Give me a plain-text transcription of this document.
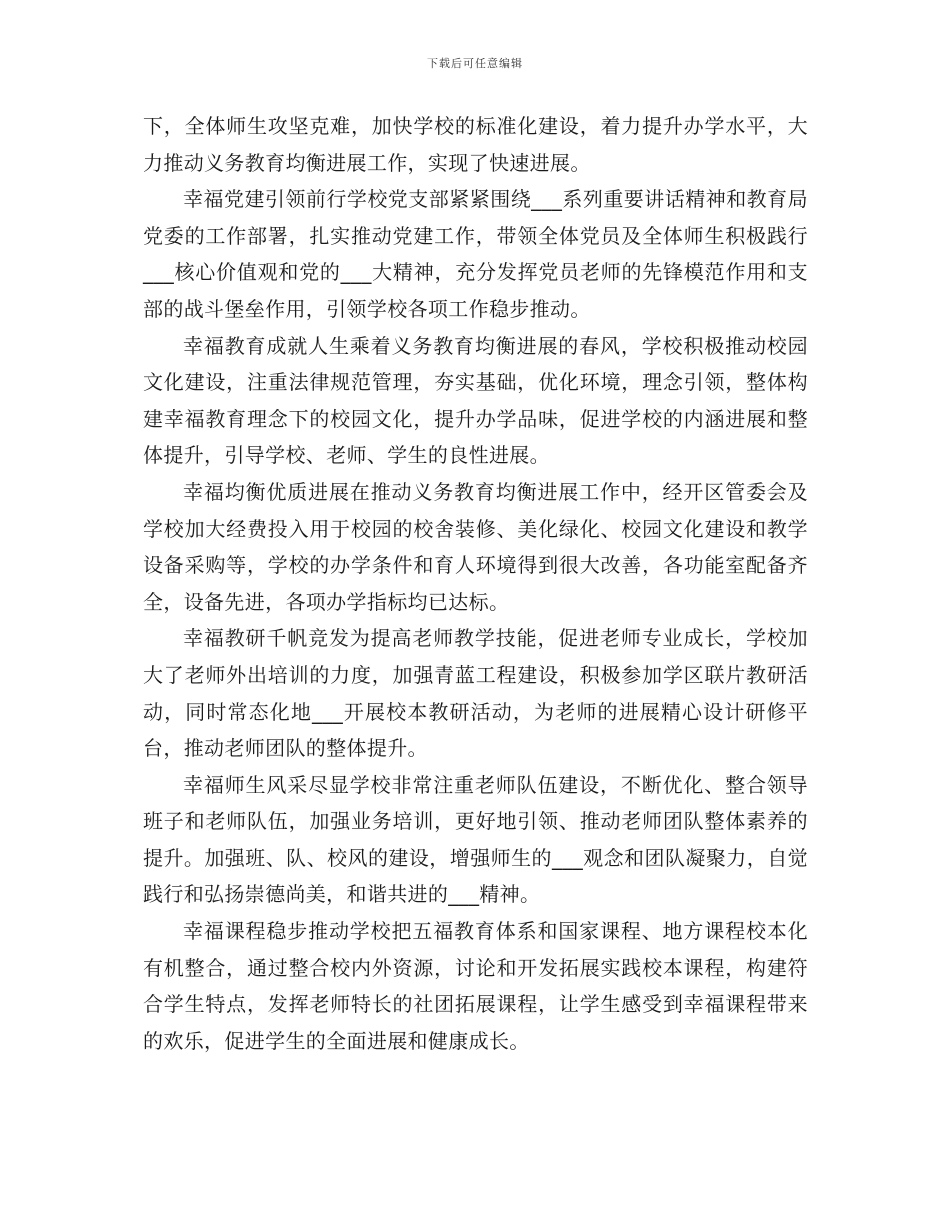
下载后可任意编辑

下，全体师生攻坚克难，加快学校的标准化建设，着力提升办学水平，大力推动义务教育均衡进展工作，实现了快速进展。

幸福党建引领前行学校党支部紧紧围绕___系列重要讲话精神和教育局党委的工作部署，扎实推动党建工作，带领全体党员及全体师生积极践行___核心价值观和党的___大精神，充分发挥党员老师的先锋模范作用和支部的战斗堡垒作用，引领学校各项工作稳步推动。

幸福教育成就人生乘着义务教育均衡进展的春风，学校积极推动校园文化建设，注重法律规范管理，夯实基础，优化环境，理念引领，整体构建幸福教育理念下的校园文化，提升办学品味，促进学校的内涵进展和整体提升，引导学校、老师、学生的良性进展。

幸福均衡优质进展在推动义务教育均衡进展工作中，经开区管委会及学校加大经费投入用于校园的校舍装修、美化绿化、校园文化建设和教学设备采购等，学校的办学条件和育人环境得到很大改善，各功能室配备齐全，设备先进，各项办学指标均已达标。

幸福教研千帆竞发为提高老师教学技能，促进老师专业成长，学校加大了老师外出培训的力度，加强青蓝工程建设，积极参加学区联片教研活动，同时常态化地___开展校本教研活动，为老师的进展精心设计研修平台，推动老师团队的整体提升。

幸福师生风采尽显学校非常注重老师队伍建设，不断优化、整合领导班子和老师队伍，加强业务培训，更好地引领、推动老师团队整体素养的提升。加强班、队、校风的建设，增强师生的___观念和团队凝聚力，自觉践行和弘扬崇德尚美，和谐共进的___精神。

幸福课程稳步推动学校把五福教育体系和国家课程、地方课程校本化有机整合，通过整合校内外资源，讨论和开发拓展实践校本课程，构建符合学生特点，发挥老师特长的社团拓展课程，让学生感受到幸福课程带来的欢乐，促进学生的全面进展和健康成长。
